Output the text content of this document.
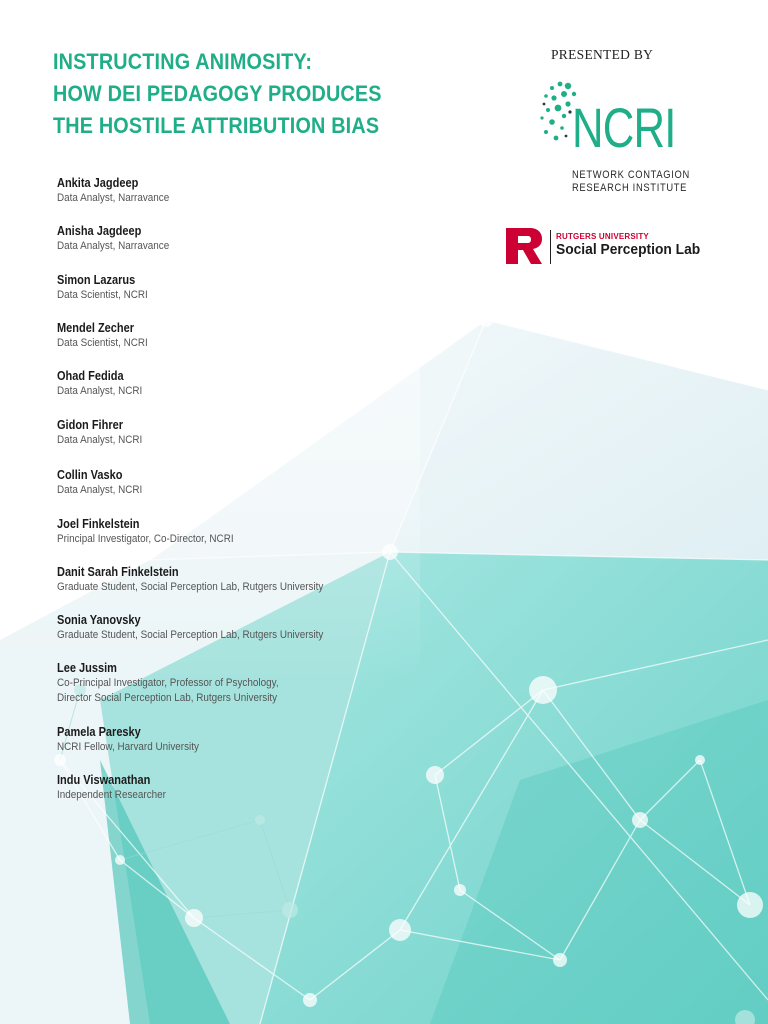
INSTRUCTING ANIMOSITY:
HOW DEI PEDAGOGY PRODUCES
THE HOSTILE ATTRIBUTION BIAS
Ankita Jagdeep
Data Analyst, Narravance
Anisha Jagdeep
Data Analyst, Narravance
Simon Lazarus
Data Scientist, NCRI
Mendel Zecher
Data Scientist, NCRI
Ohad Fedida
Data Analyst, NCRI
Gidon Fihrer
Data Analyst, NCRI
Collin Vasko
Data Analyst, NCRI
Joel Finkelstein
Principal Investigator, Co-Director, NCRI
Danit Sarah Finkelstein
Graduate Student, Social Perception Lab, Rutgers University
Sonia Yanovsky
Graduate Student, Social Perception Lab, Rutgers University
Lee Jussim
Co-Principal Investigator, Professor of Psychology,
Director Social Perception Lab, Rutgers University
Pamela Paresky
NCRI Fellow, Harvard University
Indu Viswanathan
Independent Researcher
PRESENTED BY
NCRI
NETWORK CONTAGION
RESEARCH INSTITUTE
RUTGERS UNIVERSITY
Social Perception Lab
